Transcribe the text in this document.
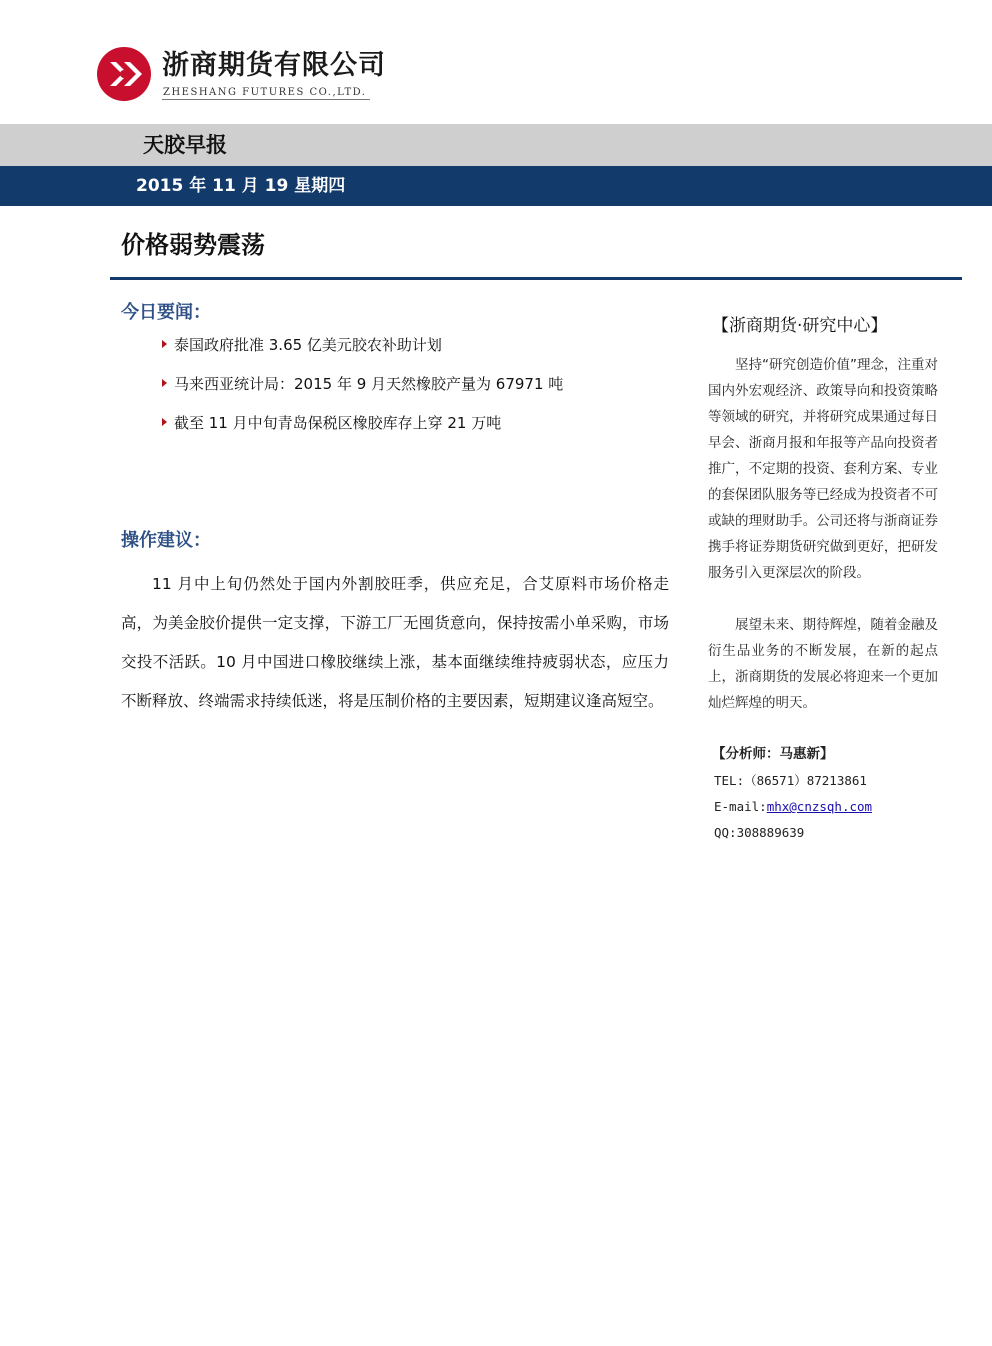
浙商期货有限公司
ZHESHANG FUTURES CO.,LTD.
天胶早报
2015 年 11 月 19 星期四
价格弱势震荡
今日要闻：
泰国政府批准 3.65 亿美元胶农补助计划
马来西亚统计局：2015 年 9 月天然橡胶产量为 67971 吨
截至 11 月中旬青岛保税区橡胶库存上穿 21 万吨
操作建议：

11 月中上旬仍然处于国内外割胶旺季，供应充足，合艾原料市场价格走高，为美金胶价提供一定支撑，下游工厂无囤货意向，保持按需小单采购，市场交投不活跃。10 月中国进口橡胶继续上涨，基本面继续维持疲弱状态，应压力不断释放、终端需求持续低迷，将是压制价格的主要因素，短期建议逢高短空。

【浙商期货·研究中心】

坚持“研究创造价值”理念，注重对国内外宏观经济、政策导向和投资策略等领域的研究，并将研究成果通过每日早会、浙商月报和年报等产品向投资者推广，不定期的投资、套利方案、专业的套保团队服务等已经成为投资者不可或缺的理财助手。公司还将与浙商证券携手将证券期货研究做到更好，把研发服务引入更深层次的阶段。

展望未来、期待辉煌，随着金融及衍生品业务的不断发展，在新的起点上，浙商期货的发展必将迎来一个更加灿烂辉煌的明天。

【分析师：马惠新】
TEL:（86571）87213861
E-mail:mhx@cnzsqh.com
QQ:308889639
